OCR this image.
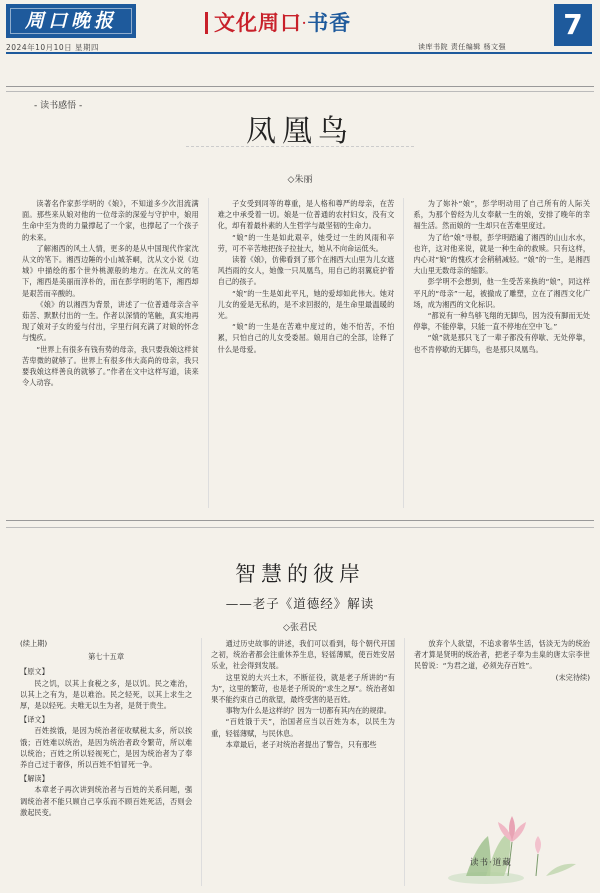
周口晚报
2024年10月10日 星期四
文化周口·书香
读库书院 责任编辑 杨文强
7
- 读书感悟 -
凤凰鸟
◇朱丽

读著名作家彭学明的《娘》，不知道多少次泪流满面。那些来从娘对他的一位母亲的深爱与守护中，娘用生命中至为贵的力量撑起了一个家，也撑起了一个孩子的未来。

了解湘西的风土人情，更多的是从中国现代作家沈从文的笔下。湘西边陲的小山城茶峒，沈从文小说《边城》中描绘的那个世外桃源般的地方。在沈从文的笔下，湘西是美丽而淳朴的，而在彭学明的笔下，湘西却是艰苦而辛酸的。

《娘》的以湘西为背景，讲述了一位普通母亲含辛茹苦、默默付出的一生。作者以深情的笔触，真实地再现了娘对子女的爱与付出，字里行间充满了对娘的怀念与愧疚。

“世界上有很多有钱有势的母亲，我只要我娘这样贫苦卑微的就够了。世界上有很多伟大高尚的母亲，我只要我娘这样善良的就够了。”作者在文中这样写道，读来令人动容。

子女受到同等的尊重，是人格和尊严的母亲，在苦难之中承受着一切。娘是一位普通的农村妇女，没有文化，却有着最朴素的人生哲学与最坚韧的生命力。

“娘”的一生是如此艰辛，她受过一生的风雨和辛劳，可不辛苦地把孩子拉扯大，她从不向命运低头。

读着《娘》，仿佛看到了那个在湘西大山里为儿女遮风挡雨的女人，她像一只凤凰鸟，用自己的羽翼庇护着自己的孩子。

“娘”的一生是如此平凡，她的爱却如此伟大。她对儿女的爱是无私的，是不求回报的，是生命里最温暖的光。

“娘”的一生是在苦难中度过的，她不怕苦，不怕累，只怕自己的儿女受委屈。娘用自己的全部，诠释了什么是母爱。

为了妳补“娘”，彭学明动用了自己所有的人际关系，为那个曾经为儿女奉献一生的娘，安排了晚年的幸福生活。然而娘的一生却只在苦难里度过。

为了给“娘”寻根，彭学明踏遍了湘西的山山水水，也许，这对他来说，就是一种生命的救赎。只有这样，内心对“娘”的愧疚才会稍稍减轻。“娘”的一生，是湘西大山里无数母亲的缩影。

彭学明不会想到，他一生受苦来换的“娘”，同这样平凡的“母亲”一起，被撤成了雕塑，立在了湘西文化广场，成为湘西的文化标识。

“都说有一种鸟够飞翔的无脚鸟，因为没有脚而无处停靠，不能停靠，只能一直不停地在空中飞。”

“娘”就是那只飞了一辈子都没有停歇、无处停靠，也不肯停歇的无脚鸟，也是那只凤凰鸟。

智慧的彼岸
——老子《道德经》解读
◇张君民

(续上期)

第七十五章

【原文】

民之饥，以其上食税之多，是以饥。民之难治，以其上之有为，是以难治。民之轻死，以其上求生之厚，是以轻死。夫唯无以生为者，是贤于贵生。

【译文】

百姓挨饿，是因为统治者征收赋税太多，所以挨饿；百姓难以统治，是因为统治者政令繁苛，所以难以统治；百姓之所以轻视死亡，是因为统治者为了奉养自己过于奢侈，所以百姓不怕冒死一争。

【解读】

本章老子再次讲到统治者与百姓的关系问题，强调统治者不能只顾自己享乐而不顾百姓死活，否则会激起民变。

通过历史故事的讲述，我们可以看到，每个朝代开国之初，统治者都会注重休养生息，轻徭薄赋，使百姓安居乐业，社会得到发展。

这里说的大兴土木，不断征役，就是老子所讲的“有为”，这里的繁苛，也是老子所说的“求生之厚”。统治者如果不能约束自己的欲望，最终受害的是百姓。

事物为什么是这样的？因为一切都有其内在的规律。

“百姓饿于天”，治国者应当以百姓为本，以民生为重，轻徭薄赋，与民休息。

本章最后，老子对统治者提出了警告，只有那些

放弃个人欲望，不追求奢华生活，恬淡无为的统治者才算是贤明的统治者，把老子奉为圭臬的唐太宗李世民曾说：“为君之道，必须先存百姓”。

(未完待续)

读书·道藏
